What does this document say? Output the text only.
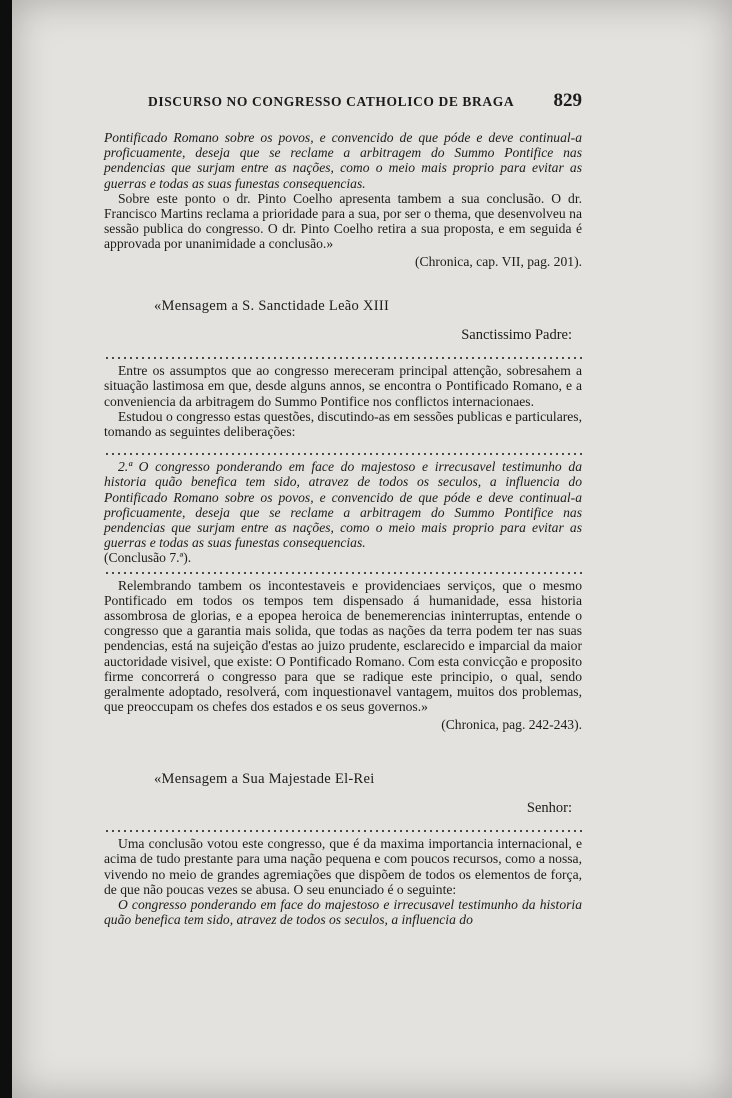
DISCURSO NO CONGRESSO CATHOLICO DE BRAGA 829

Pontificado Romano sobre os povos, e convencido de que póde e deve continual-a proficuamente, deseja que se reclame a arbitragem do Summo Pontifice nas pendencias que surjam entre as nações, como o meio mais proprio para evitar as guerras e todas as suas funestas consequencias.

Sobre este ponto o dr. Pinto Coelho apresenta tambem a sua conclusão. O dr. Francisco Martins reclama a prioridade para a sua, por ser o thema, que desenvolveu na sessão publica do congresso. O dr. Pinto Coelho retira a sua proposta, e em seguida é approvada por unanimidade a conclusão.»

(Chronica, cap. VII, pag. 201).

«Mensagem a S. Sanctidade Leão XIII

Sanctissimo Padre:

Entre os assumptos que ao congresso mereceram principal attenção, sobresahem a situação lastimosa em que, desde alguns annos, se encontra o Pontificado Romano, e a conveniencia da arbitragem do Summo Pontifice nos conflictos internacionaes.

Estudou o congresso estas questões, discutindo-as em sessões publicas e particulares, tomando as seguintes deliberações:

2.ª O congresso ponderando em face do majestoso e irrecusavel testimunho da historia quão benefica tem sido, atravez de todos os seculos, a influencia do Pontificado Romano sobre os povos, e convencido de que póde e deve continual-a proficuamente, deseja que se reclame a arbitragem do Summo Pontifice nas pendencias que surjam entre as nações, como o meio mais proprio para evitar as guerras e todas as suas funestas consequencias.

(Conclusão 7.ª).

Relembrando tambem os incontestaveis e providenciaes serviços, que o mesmo Pontificado em todos os tempos tem dispensado á humanidade, essa historia assombrosa de glorias, e a epopea heroica de benemerencias ininterruptas, entende o congresso que a garantia mais solida, que todas as nações da terra podem ter nas suas pendencias, está na sujeição d'estas ao juizo prudente, esclarecido e imparcial da maior auctoridade visivel, que existe: O Pontificado Romano. Com esta convicção e proposito firme concorrerá o congresso para que se radique este principio, o qual, sendo geralmente adoptado, resolverá, com inquestionavel vantagem, muitos dos problemas, que preoccupam os chefes dos estados e os seus governos.»

(Chronica, pag. 242-243).

«Mensagem a Sua Majestade El-Rei

Senhor:

Uma conclusão votou este congresso, que é da maxima importancia internacional, e acima de tudo prestante para uma nação pequena e com poucos recursos, como a nossa, vivendo no meio de grandes agremiações que dispõem de todos os elementos de força, de que não poucas vezes se abusa. O seu enunciado é o seguinte:

O congresso ponderando em face do majestoso e irrecusavel testimunho da historia quão benefica tem sido, atravez de todos os seculos, a influencia do
